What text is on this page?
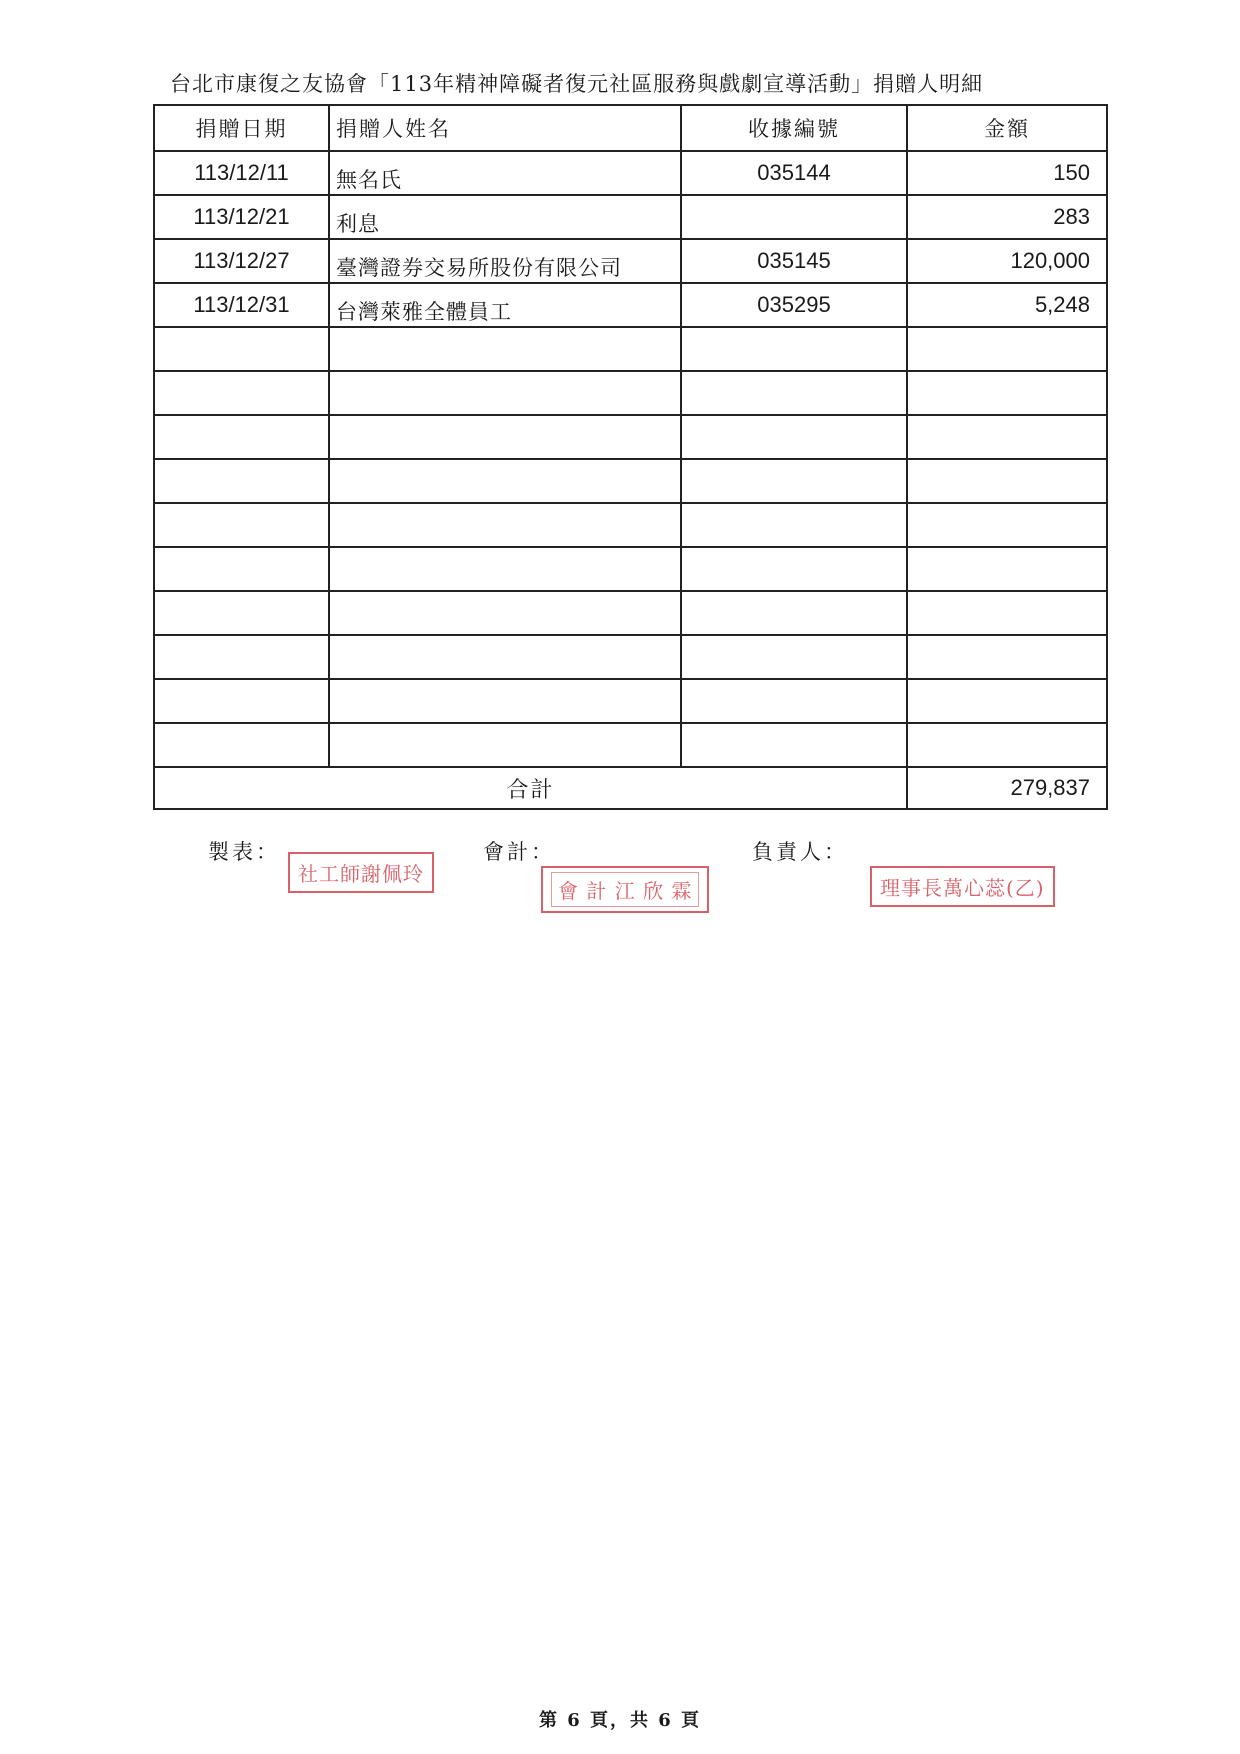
台北市康復之友協會「113年精神障礙者復元社區服務與戲劇宣導活動」捐贈人明細
捐贈日期	捐贈人姓名	收據編號	金額
113/12/11	無名氏	035144	150
113/12/21	利息		283
113/12/27	臺灣證券交易所股份有限公司	035145	120,000
113/12/31	台灣萊雅全體員工	035295	5,248

合計			279,837
製表：	會計：	負責人：
社工師謝佩玲
會 計 江 欣 霖	理事長萬心蕊(乙)
第 6 頁，共 6 頁
